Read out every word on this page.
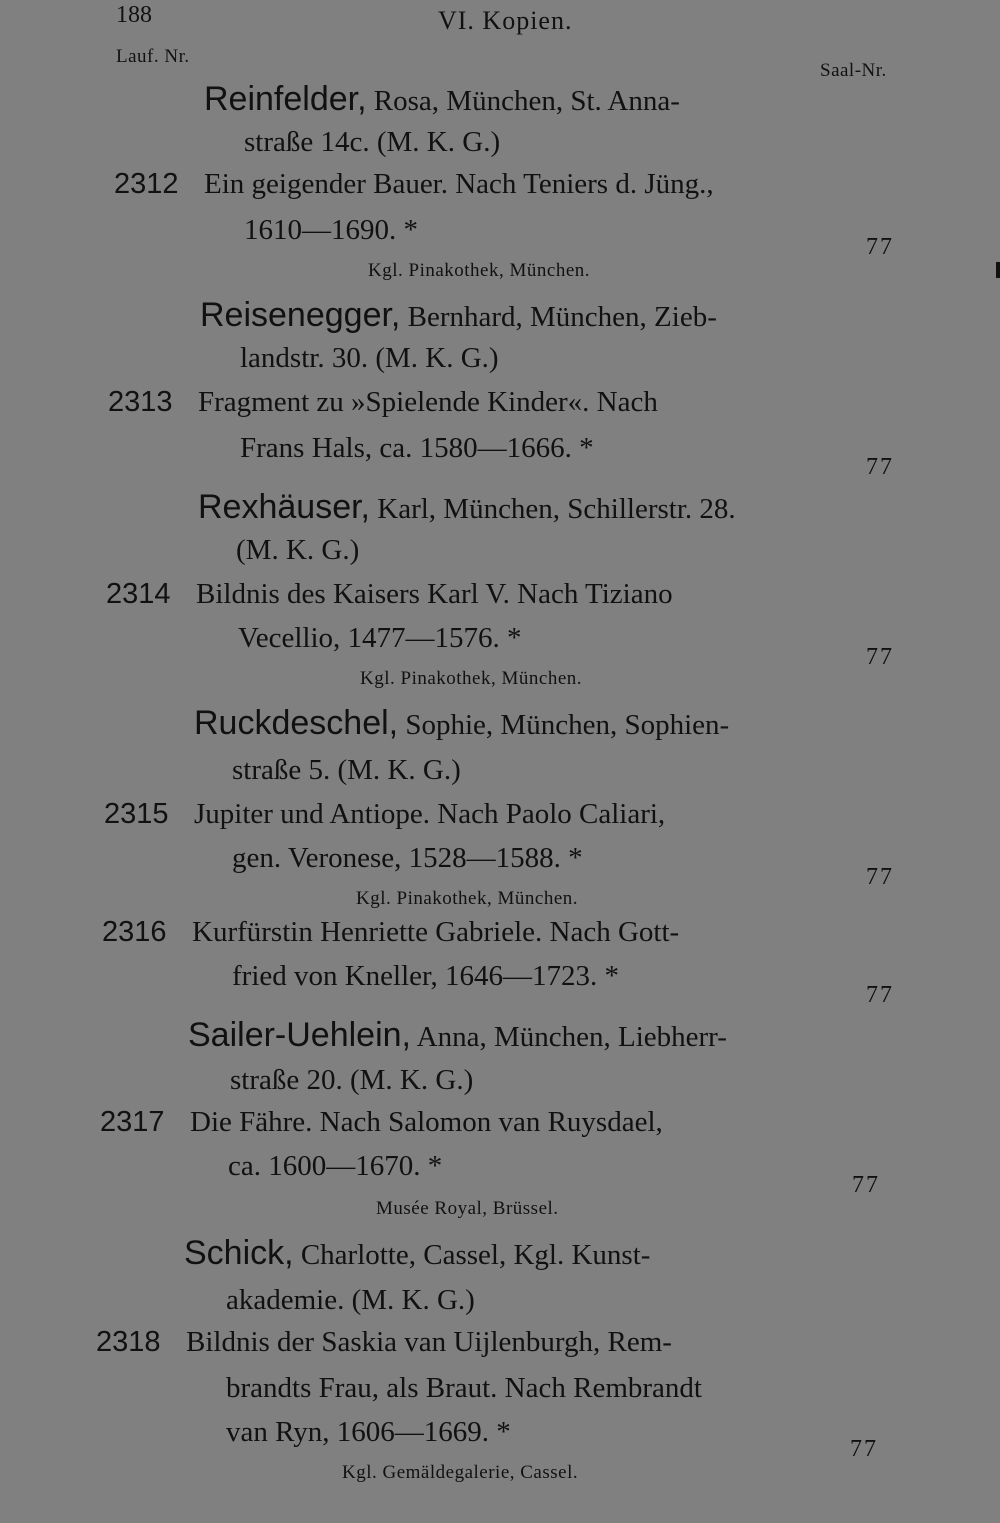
188	VI. Kopien.
Lauf. Nr.
Saal-Nr.
Reinfelder, Rosa, München, St. Anna-
straße 14c. (M. K. G.)
2312 Ein geigender Bauer. Nach Teniers d. Jüng.,
1610—1690. *
Kgl. Pinakothek, München.
77
Reisenegger, Bernhard, München, Zieb-
landstr. 30. (M. K. G.)
2313 Fragment zu »Spielende Kinder«. Nach
Frans Hals, ca. 1580—1666. *
77
Rexhäuser, Karl, München, Schillerstr. 28.
(M. K. G.)
2314 Bildnis des Kaisers Karl V. Nach Tiziano
Vecellio, 1477—1576. *
Kgl. Pinakothek, München.
77
Ruckdeschel, Sophie, München, Sophien-
straße 5. (M. K. G.)
2315 Jupiter und Antiope. Nach Paolo Caliari,
gen. Veronese, 1528—1588. *
Kgl. Pinakothek, München.
77
2316 Kurfürstin Henriette Gabriele. Nach Gott-
fried von Kneller, 1646—1723. *
77
Sailer-Uehlein, Anna, München, Liebherr-
straße 20. (M. K. G.)
2317 Die Fähre. Nach Salomon van Ruysdael,
ca. 1600—1670. *
Musée Royal, Brüssel.
77
Schick, Charlotte, Cassel, Kgl. Kunst-
akademie. (M. K. G.)
2318 Bildnis der Saskia van Uijlenburgh, Rem-
brandts Frau, als Braut. Nach Rembrandt
van Ryn, 1606—1669. *
Kgl. Gemäldegalerie, Cassel.
77
